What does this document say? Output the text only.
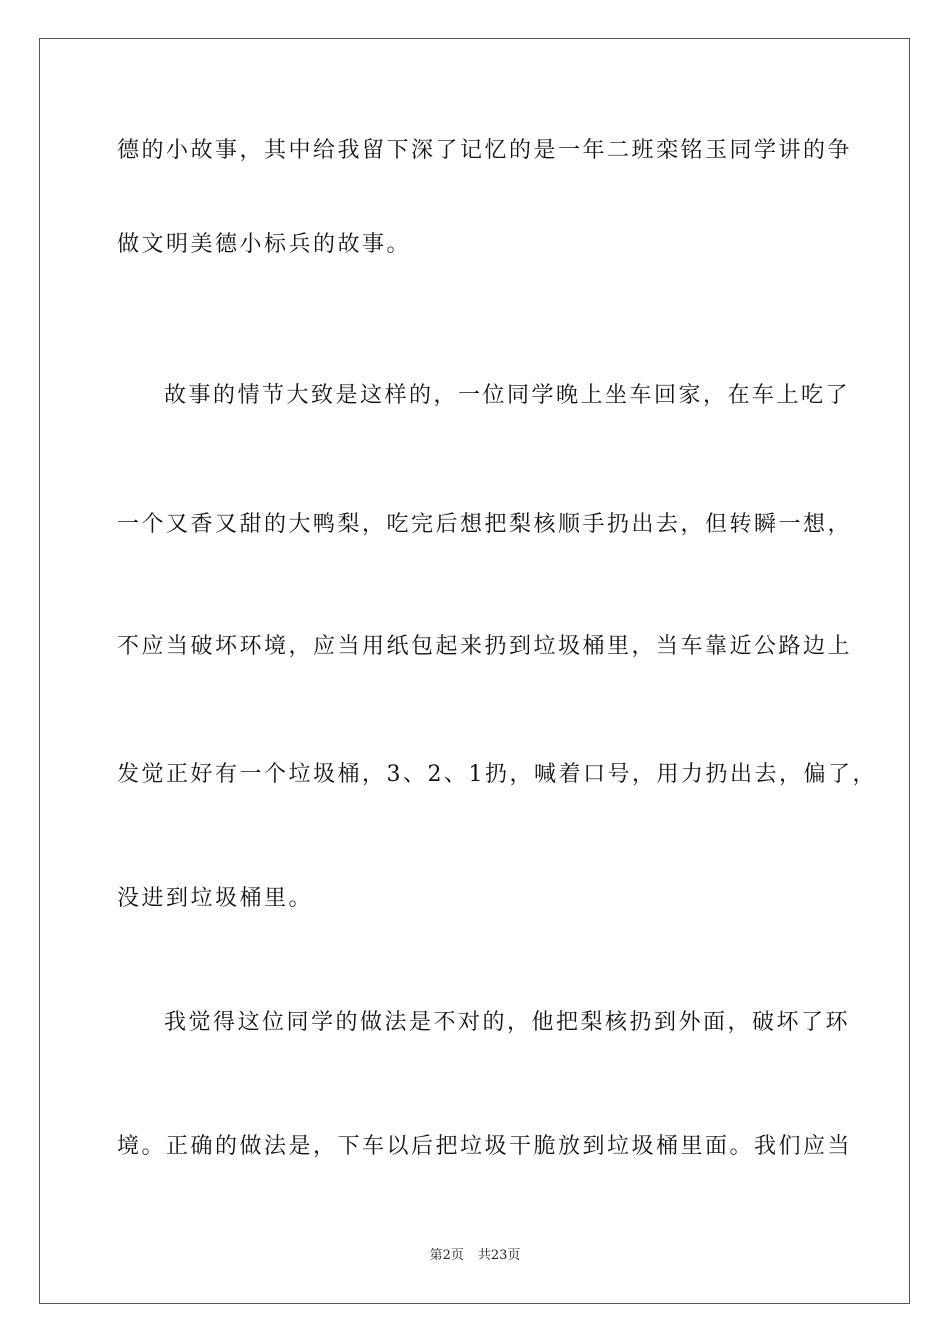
德的小故事，其中给我留下深了记忆的是一年二班栾铭玉同学讲的争
做文明美德小标兵的故事。
故事的情节大致是这样的，一位同学晚上坐车回家，在车上吃了
一个又香又甜的大鸭梨，吃完后想把梨核顺手扔出去，但转瞬一想，
不应当破坏环境，应当用纸包起来扔到垃圾桶里，当车靠近公路边上
发觉正好有一个垃圾桶，3、2、1扔，喊着口号，用力扔出去，偏了，
没进到垃圾桶里。
我觉得这位同学的做法是不对的，他把梨核扔到外面，破坏了环
境。正确的做法是，下车以后把垃圾干脆放到垃圾桶里面。我们应当
第2页 共23页
